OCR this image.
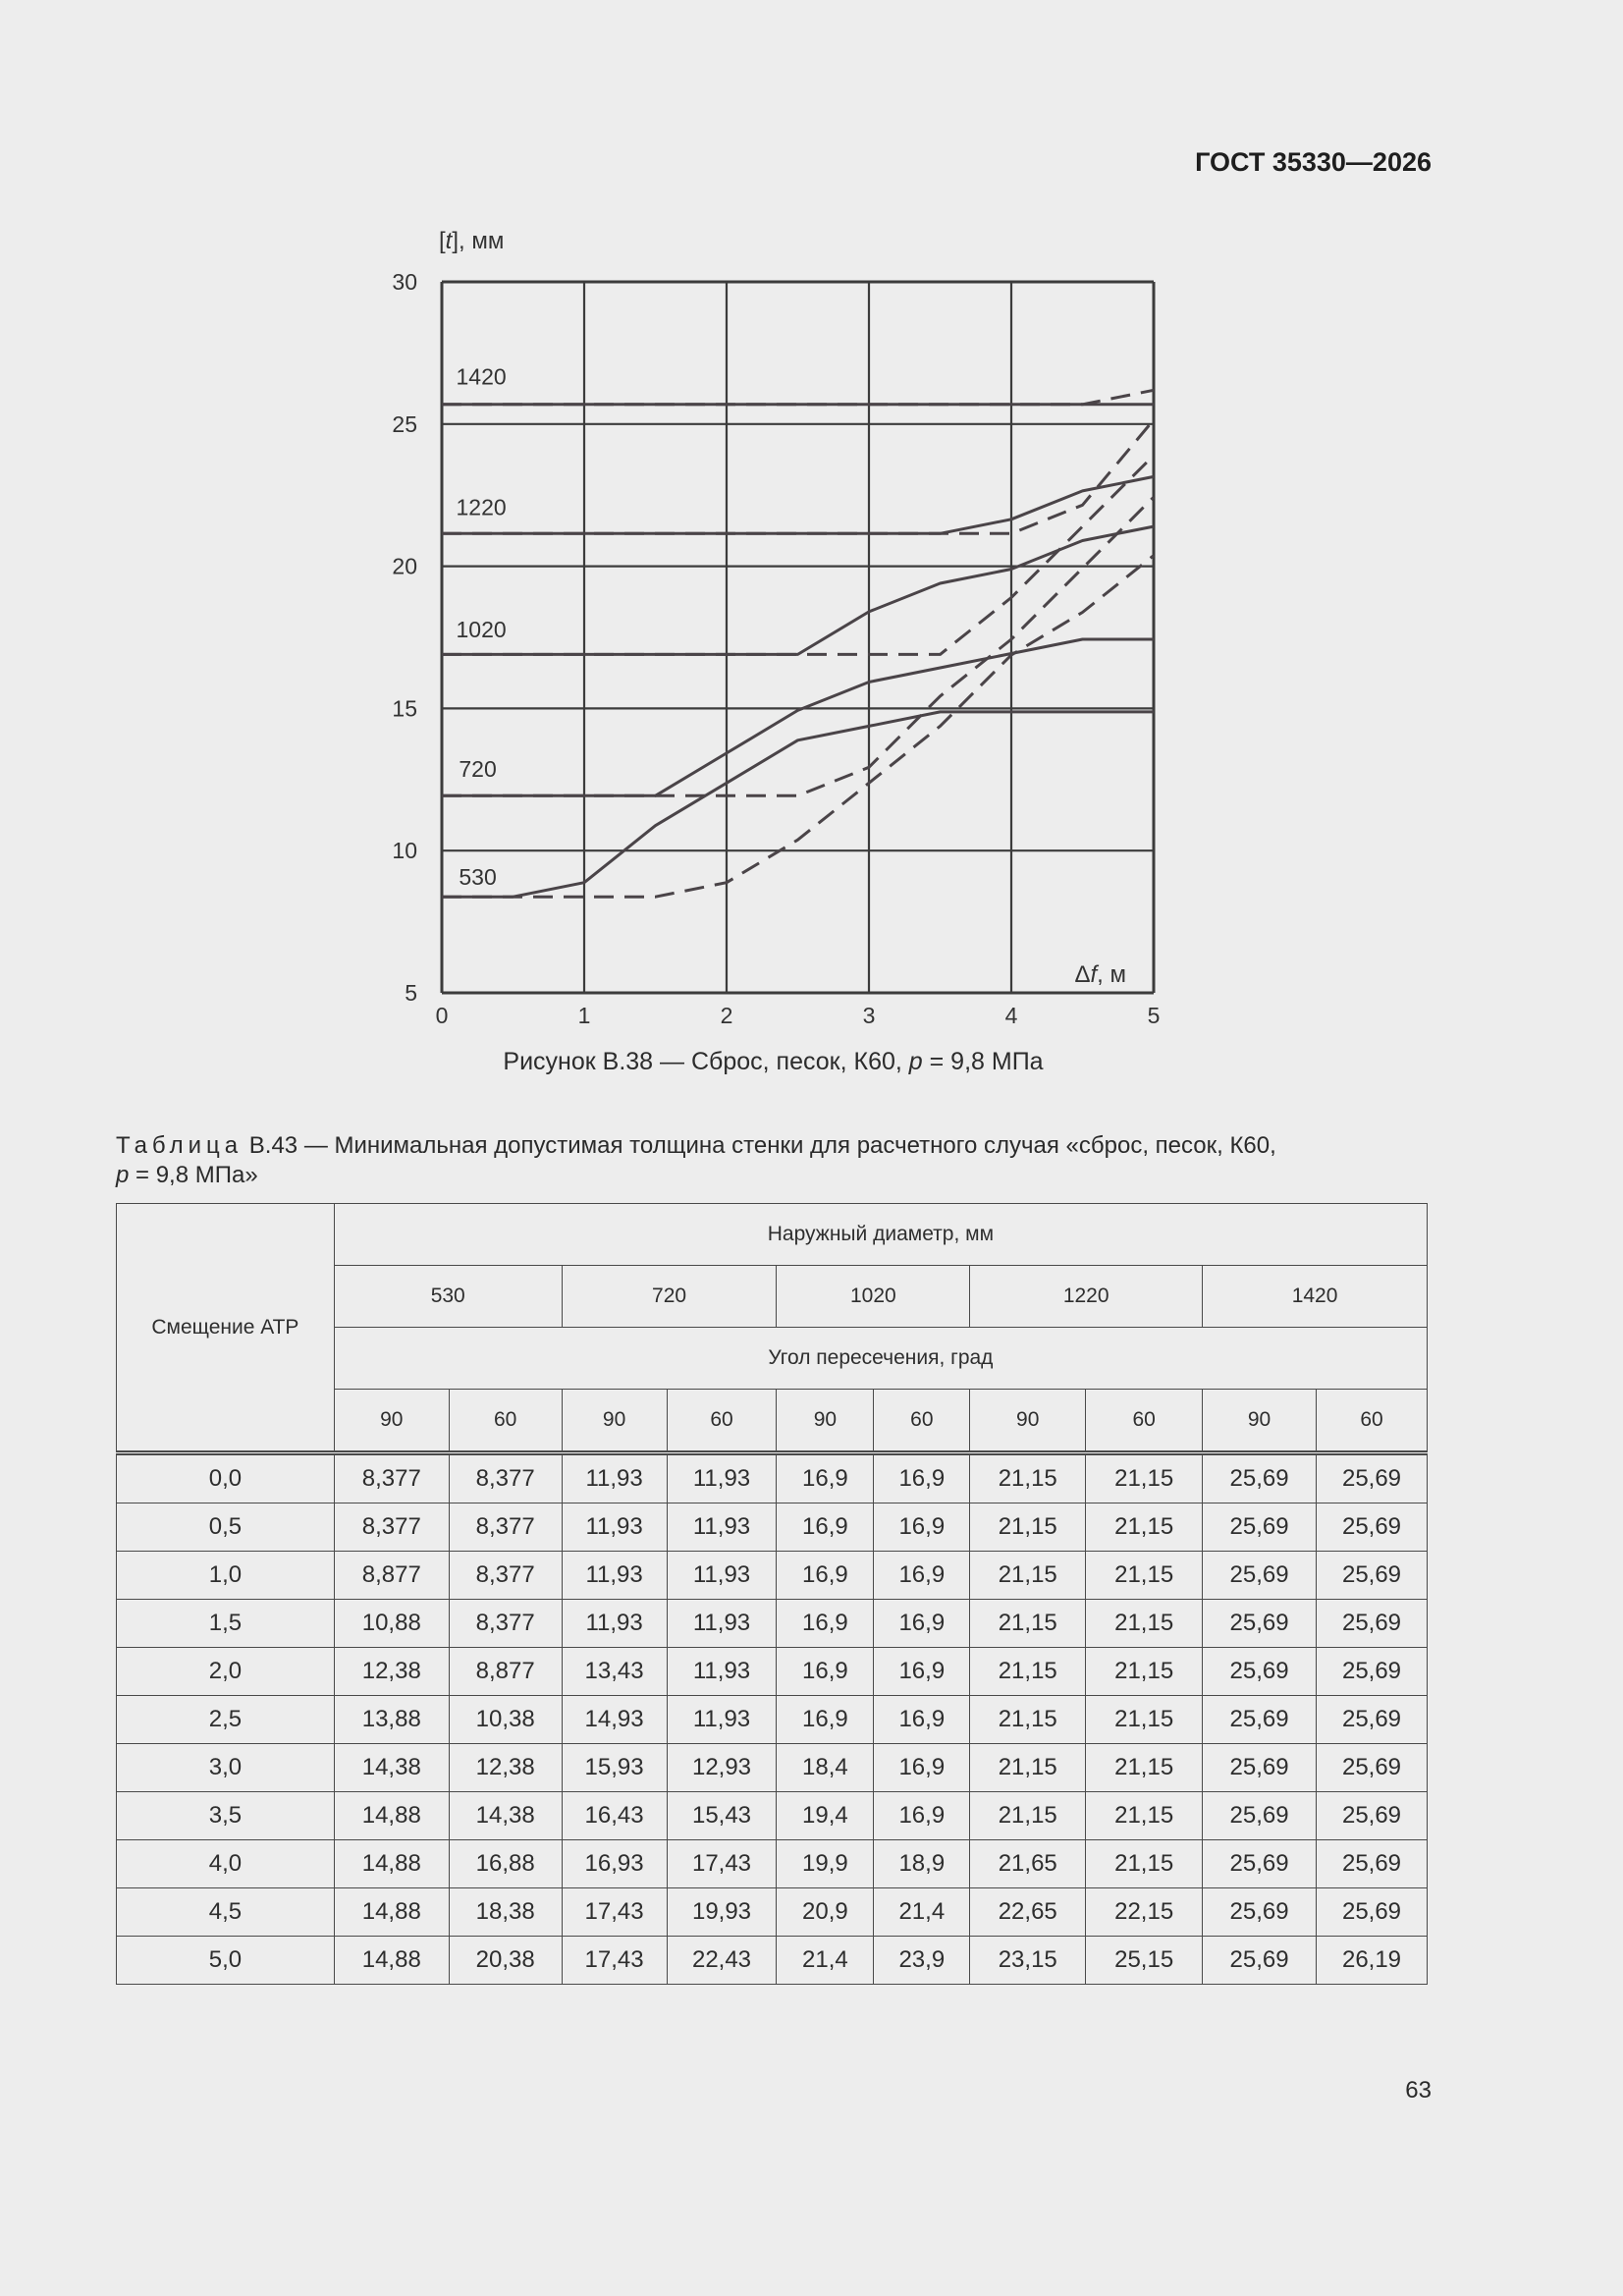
ГОСТ 35330—2026
0	1	2	3	4	5
5
10
15
20
25
30
1420
1220
1020
720
530
[t], мм
Δf, м
Рисунок В.38 — Сброс, песок, К60, p = 9,8 МПа
Таблица В.43 — Минимальная допустимая толщина стенки для расчетного случая «сброс, песок, К60,
p = 9,8 МПа»
Смещение АТР	Наружный диаметр, мм									
	530		720		1020		1220		1420	
	Угол пересечения, град									
	90	60	90	60	90	60	90	60	90	60
0,0	8,377	8,377	11,93	11,93	16,9	16,9	21,15	21,15	25,69	25,69
0,5	8,377	8,377	11,93	11,93	16,9	16,9	21,15	21,15	25,69	25,69
1,0	8,877	8,377	11,93	11,93	16,9	16,9	21,15	21,15	25,69	25,69
1,5	10,88	8,377	11,93	11,93	16,9	16,9	21,15	21,15	25,69	25,69
2,0	12,38	8,877	13,43	11,93	16,9	16,9	21,15	21,15	25,69	25,69
2,5	13,88	10,38	14,93	11,93	16,9	16,9	21,15	21,15	25,69	25,69
3,0	14,38	12,38	15,93	12,93	18,4	16,9	21,15	21,15	25,69	25,69
3,5	14,88	14,38	16,43	15,43	19,4	16,9	21,15	21,15	25,69	25,69
4,0	14,88	16,88	16,93	17,43	19,9	18,9	21,65	21,15	25,69	25,69
4,5	14,88	18,38	17,43	19,93	20,9	21,4	22,65	22,15	25,69	25,69
5,0	14,88	20,38	17,43	22,43	21,4	23,9	23,15	25,15	25,69	26,19
63
